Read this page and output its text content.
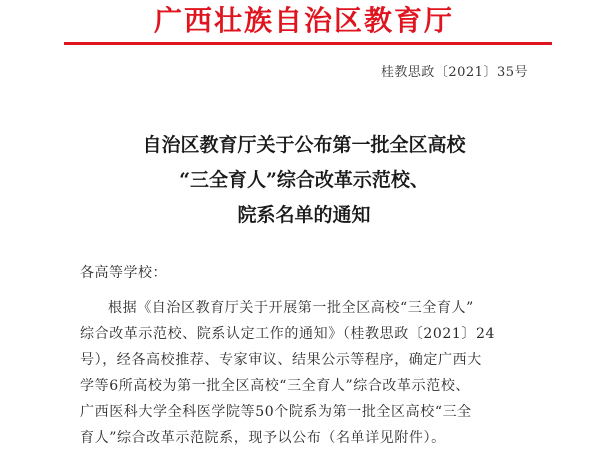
广西壮族自治区教育厅
桂教思政〔2021〕35号
自治区教育厅关于公布第一批全区高校
“三全育人”综合改革示范校、
院系名单的通知
各高等学校：
根据《自治区教育厅关于开展第一批全区高校“三全育人”
综合改革示范校、院系认定工作的通知》（桂教思政〔2021〕24
号），经各高校推荐、专家审议、结果公示等程序，确定广西大
学等6所高校为第一批全区高校“三全育人”综合改革示范校、
广西医科大学全科医学院等50个院系为第一批全区高校“三全
育人”综合改革示范院系，现予以公布（名单详见附件）。
